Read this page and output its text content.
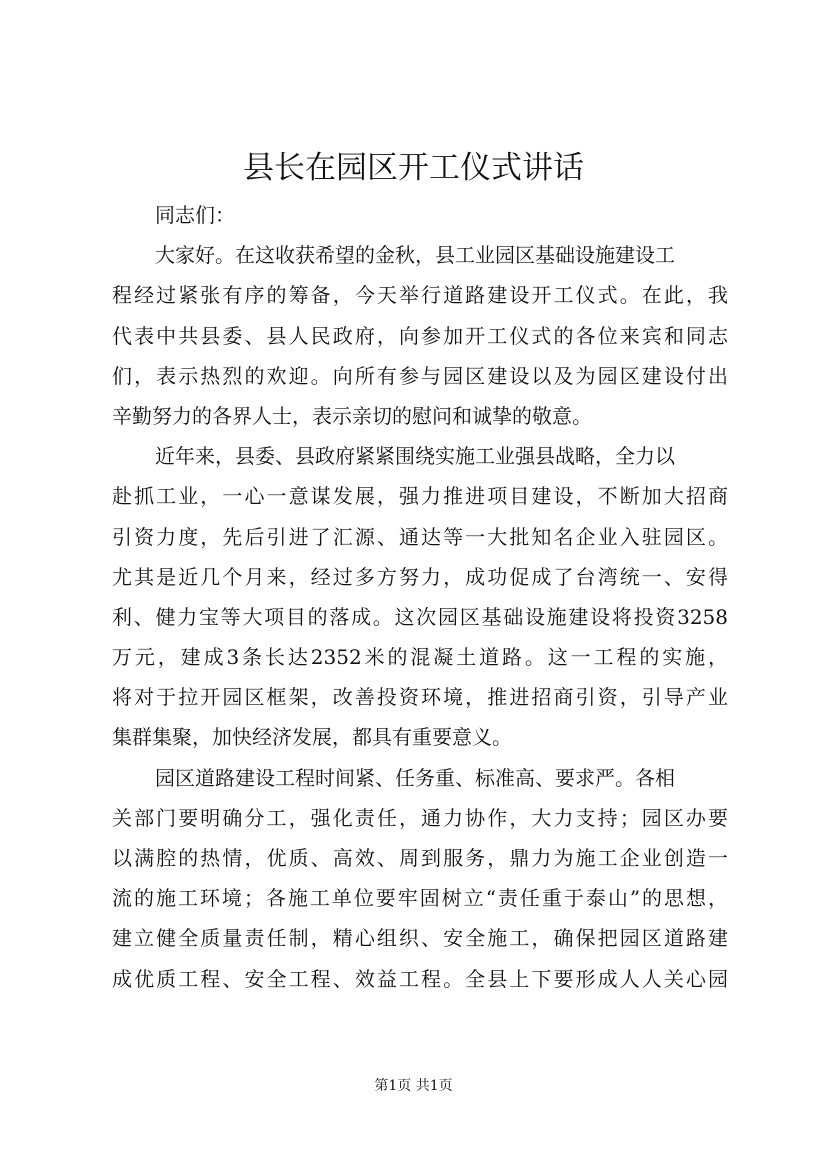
县长在园区开工仪式讲话
同志们：
大家好。在这收获希望的金秋，县工业园区基础设施建设工
程经过紧张有序的筹备，今天举行道路建设开工仪式。在此，我
代表中共县委、县人民政府，向参加开工仪式的各位来宾和同志
们，表示热烈的欢迎。向所有参与园区建设以及为园区建设付出
辛勤努力的各界人士，表示亲切的慰问和诚挚的敬意。
近年来，县委、县政府紧紧围绕实施工业强县战略，全力以
赴抓工业，一心一意谋发展，强力推进项目建设，不断加大招商
引资力度，先后引进了汇源、通达等一大批知名企业入驻园区。
尤其是近几个月来，经过多方努力，成功促成了台湾统一、安得
利、健力宝等大项目的落成。这次园区基础设施建设将投资3258
万元，建成3条长达2352米的混凝土道路。这一工程的实施，
将对于拉开园区框架，改善投资环境，推进招商引资，引导产业
集群集聚，加快经济发展，都具有重要意义。
园区道路建设工程时间紧、任务重、标准高、要求严。各相
关部门要明确分工，强化责任，通力协作，大力支持；园区办要
以满腔的热情，优质、高效、周到服务，鼎力为施工企业创造一
流的施工环境；各施工单位要牢固树立“责任重于泰山”的思想，
建立健全质量责任制，精心组织、安全施工，确保把园区道路建
成优质工程、安全工程、效益工程。全县上下要形成人人关心园
第1页 共1页
